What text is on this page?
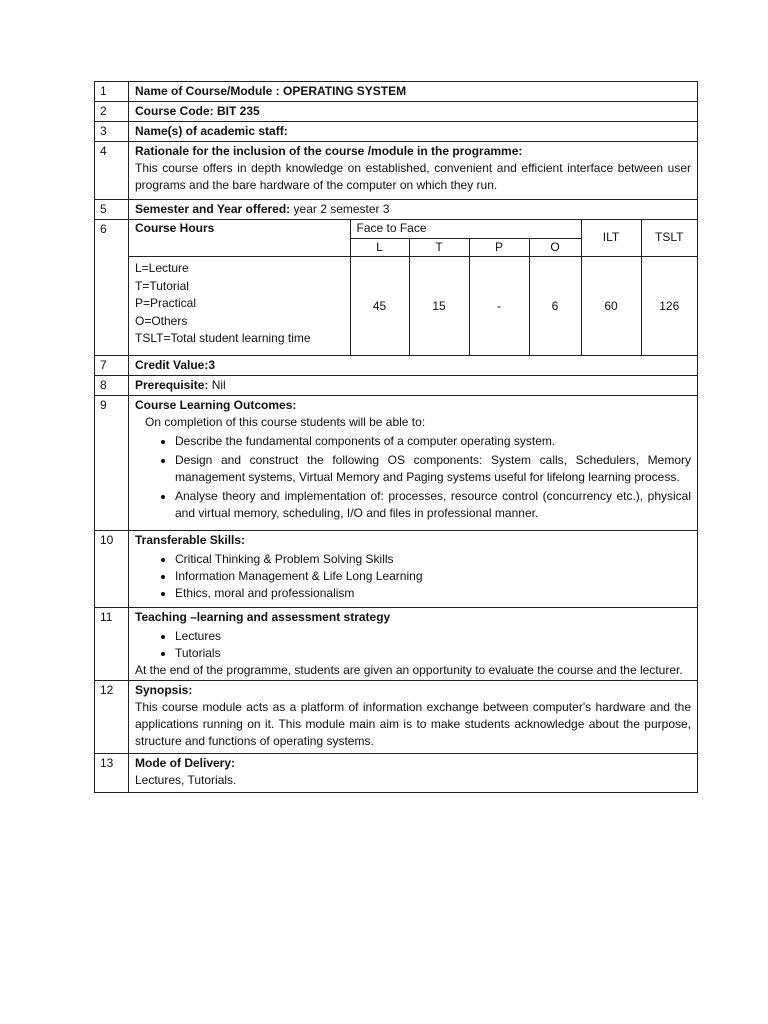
1	Name of Course/Module : OPERATING SYSTEM
2	Course Code: BIT 235
3	Name(s) of academic staff:
4	Rationale for the inclusion of the course /module in the programme:
This course offers in depth knowledge on established, convenient and efficient interface between user programs and the bare hardware of the computer on which they run.

5	Semester and Year offered: year 2 semester 3
6	Course Hours	Face to Face	ILT	TSLT
L	T	P	O

L=Lecture
T=Tutorial
P=Practical
O=Others
TSLT=Total student learning time
	45	15	-	6	60	126

7	Credit Value:3
8	Prerequisite: Nil
9	Course Learning Outcomes:
On completion of this course students will be able to:
• Describe the fundamental components of a computer operating system.
• Design and construct the following OS components: System calls, Schedulers, Memory management systems, Virtual Memory and Paging systems useful for lifelong learning process.
• Analyse theory and implementation of: processes, resource control (concurrency etc.), physical and virtual memory, scheduling, I/O and files in professional manner.

10	Transferable Skills:
• Critical Thinking & Problem Solving Skills
• Information Management & Life Long Learning
• Ethics, moral and professionalism

11	Teaching –learning and assessment strategy
• Lectures
• Tutorials
At the end of the programme, students are given an opportunity to evaluate the course and the lecturer.

12	Synopsis:
This course module acts as a platform of information exchange between computer's hardware and the applications running on it. This module main aim is to make students acknowledge about the purpose, structure and functions of operating systems.

13	Mode of Delivery:
Lectures, Tutorials.
